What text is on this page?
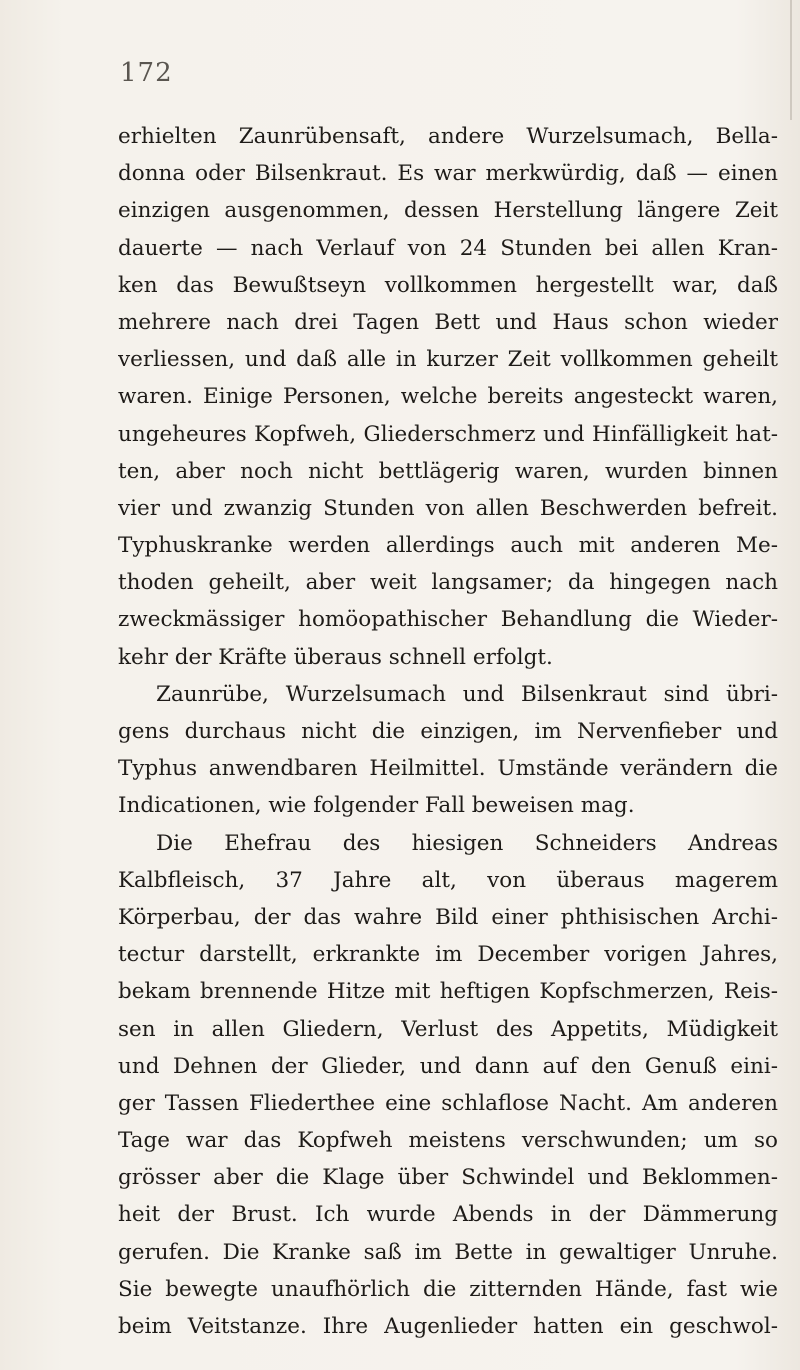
172
erhielten Zaunrübensaft, andere Wurzelsumach, Bella-
donna oder Bilsenkraut. Es war merkwürdig, daß — einen
einzigen ausgenommen, dessen Herstellung längere Zeit
dauerte — nach Verlauf von 24 Stunden bei allen Kran-
ken das Bewußtseyn vollkommen hergestellt war, daß
mehrere nach drei Tagen Bett und Haus schon wieder
verliessen, und daß alle in kurzer Zeit vollkommen geheilt
waren. Einige Personen, welche bereits angesteckt waren,
ungeheures Kopfweh, Gliederschmerz und Hinfälligkeit hat-
ten, aber noch nicht bettlägerig waren, wurden binnen
vier und zwanzig Stunden von allen Beschwerden befreit.
Typhuskranke werden allerdings auch mit anderen Me-
thoden geheilt, aber weit langsamer; da hingegen nach
zweckmässiger homöopathischer Behandlung die Wieder-
kehr der Kräfte überaus schnell erfolgt.
Zaunrübe, Wurzelsumach und Bilsenkraut sind übri-
gens durchaus nicht die einzigen, im Nervenfieber und
Typhus anwendbaren Heilmittel. Umstände verändern die
Indicationen, wie folgender Fall beweisen mag.
Die Ehefrau des hiesigen Schneiders Andreas
Kalbfleisch, 37 Jahre alt, von überaus magerem
Körperbau, der das wahre Bild einer phthisischen Archi-
tectur darstellt, erkrankte im December vorigen Jahres,
bekam brennende Hitze mit heftigen Kopfschmerzen, Reis-
sen in allen Gliedern, Verlust des Appetits, Müdigkeit
und Dehnen der Glieder, und dann auf den Genuß eini-
ger Tassen Fliederthee eine schlaflose Nacht. Am anderen
Tage war das Kopfweh meistens verschwunden; um so
grösser aber die Klage über Schwindel und Beklommen-
heit der Brust. Ich wurde Abends in der Dämmerung
gerufen. Die Kranke saß im Bette in gewaltiger Unruhe.
Sie bewegte unaufhörlich die zitternden Hände, fast wie
beim Veitstanze. Ihre Augenlieder hatten ein geschwol-
